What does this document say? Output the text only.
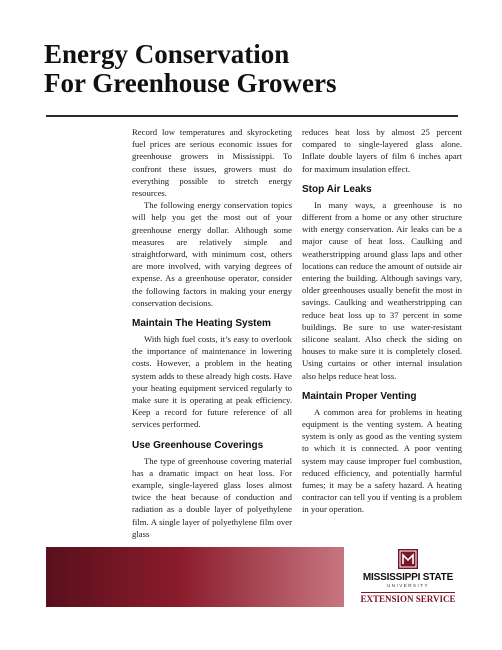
Energy Conservation
For Greenhouse Growers

Record low temperatures and skyrocketing fuel prices are serious economic issues for greenhouse growers in Mississippi. To confront these issues, growers must do everything possible to stretch energy resources.

The following energy conservation topics will help you get the most out of your greenhouse energy dollar. Although some measures are relatively simple and straightforward, with minimum cost, others are more involved, with varying degrees of expense. As a greenhouse operator, consider the following factors in making your energy conservation decisions.

Maintain The Heating System

With high fuel costs, it’s easy to overlook the importance of maintenance in lowering costs. However, a problem in the heating system adds to these already high costs. Have your heating equipment serviced regularly to make sure it is operating at peak efficiency. Keep a record for future reference of all services performed.

Use Greenhouse Coverings

The type of greenhouse covering material has a dramatic impact on heat loss. For example, single-layered glass loses almost twice the heat because of conduction and radiation as a double layer of polyethylene film. A single layer of polyethylene film over glass

reduces heat loss by almost 25 percent compared to single-layered glass alone. Inflate double layers of film 6 inches apart for maximum insulation effect.

Stop Air Leaks

In many ways, a greenhouse is no different from a home or any other structure with energy conservation. Air leaks can be a major cause of heat loss. Caulking and weatherstripping around glass laps and other locations can reduce the amount of outside air entering the building. Although savings vary, older greenhouses usually benefit the most in savings. Caulking and weatherstripping can reduce heat loss up to 37 percent in some buildings. Be sure to use water-resistant silicone sealant. Also check the siding on houses to make sure it is completely closed. Using curtains or other internal insulation also helps reduce heat loss.

Maintain Proper Venting

A common area for problems in heating equipment is the venting system. A heating system is only as good as the venting system to which it is connected. A poor venting system may cause improper fuel combustion, reduced efficiency, and potentially harmful fumes; it may be a safety hazard. A heating contractor can tell you if venting is a problem in your operation.

MISSISSIPPI STATE
UNIVERSITY
EXTENSION SERVICE
